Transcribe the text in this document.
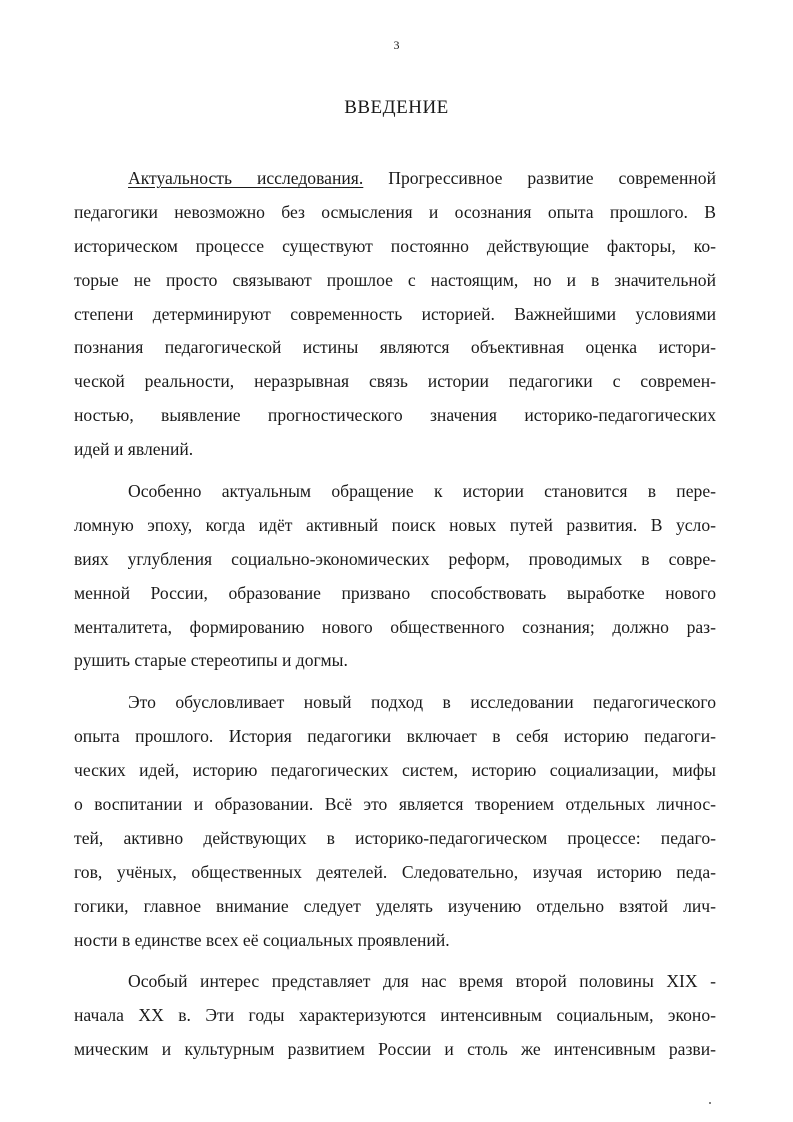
3
ВВЕДЕНИЕ
Актуальность исследования. Прогрессивное развитие современной
педагогики невозможно без осмысления и осознания опыта прошлого. В
историческом процессе существуют постоянно действующие факторы, ко-
торые не просто связывают прошлое с настоящим, но и в значительной
степени детерминируют современность историей. Важнейшими условиями
познания педагогической истины являются объективная оценка истори-
ческой реальности, неразрывная связь истории педагогики с современ-
ностью, выявление прогностического значения историко-педагогических
идей и явлений.
Особенно актуальным обращение к истории становится в пере-
ломную эпоху, когда идёт активный поиск новых путей развития. В усло-
виях углубления социально-экономических реформ, проводимых в совре-
менной России, образование призвано способствовать выработке нового
менталитета, формированию нового общественного сознания; должно раз-
рушить старые стереотипы и догмы.
Это обусловливает новый подход в исследовании педагогического
опыта прошлого. История педагогики включает в себя историю педагоги-
ческих идей, историю педагогических систем, историю социализации, мифы
о воспитании и образовании. Всё это является творением отдельных личнос-
тей, активно действующих в историко-педагогическом процессе: педаго-
гов, учёных, общественных деятелей. Следовательно, изучая историю педа-
гогики, главное внимание следует уделять изучению отдельно взятой лич-
ности в единстве всех её социальных проявлений.
Особый интерес представляет для нас время второй половины XIX -
начала XX в. Эти годы характеризуются интенсивным социальным, эконо-
мическим и культурным развитием России и столь же интенсивным разви-
